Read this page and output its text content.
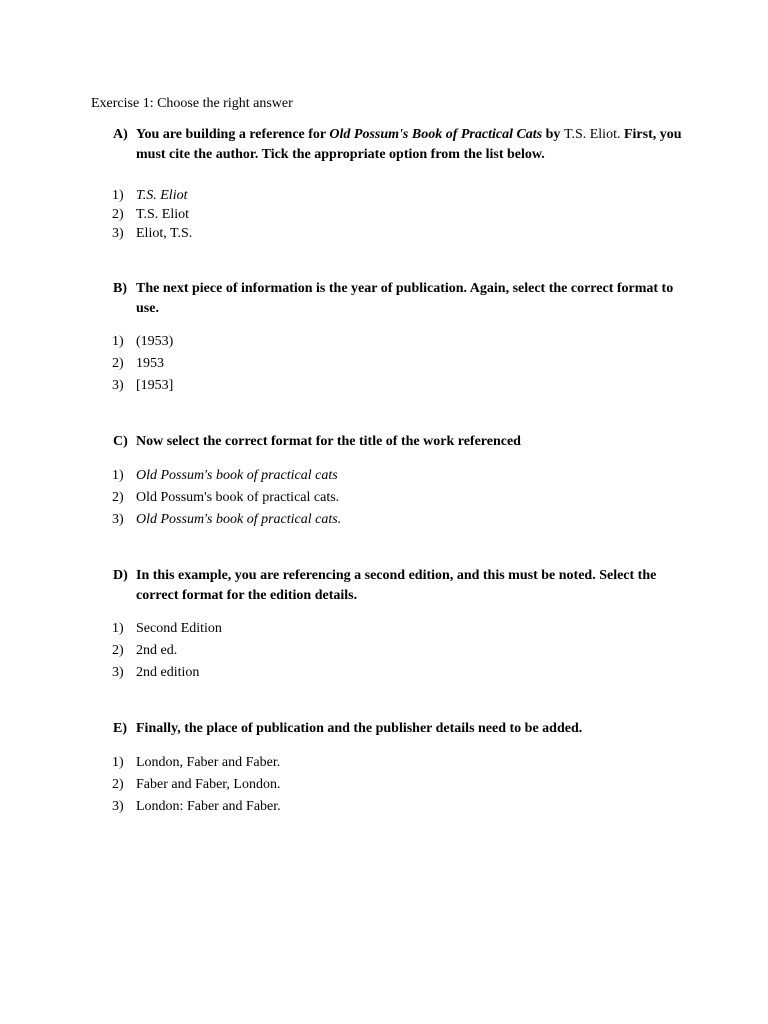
Exercise 1: Choose the right answer
A) You are building a reference for Old Possum's Book of Practical Cats by T.S. Eliot. First, you must cite the author. Tick the appropriate option from the list below.
1) T.S. Eliot
2) T.S. Eliot
3) Eliot, T.S.
B) The next piece of information is the year of publication. Again, select the correct format to use.
1) (1953)
2) 1953
3) [1953]
C) Now select the correct format for the title of the work referenced
1) Old Possum's book of practical cats
2) Old Possum's book of practical cats.
3) Old Possum's book of practical cats.
D) In this example, you are referencing a second edition, and this must be noted. Select the correct format for the edition details.
1) Second Edition
2) 2nd ed.
3) 2nd edition
E) Finally, the place of publication and the publisher details need to be added.
1) London, Faber and Faber.
2) Faber and Faber, London.
3) London: Faber and Faber.
